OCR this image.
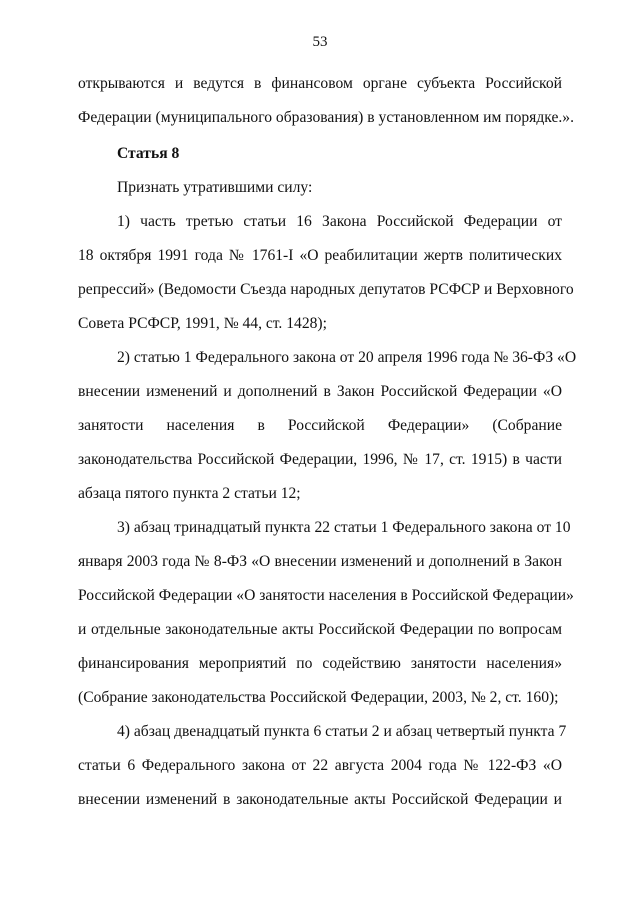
53
открываются и ведутся в финансовом органе субъекта Российской
Федерации (муниципального образования) в установленном им порядке.».
Статья 8
Признать утратившими силу:
1) часть третью статьи 16 Закона Российской Федерации от
18 октября 1991 года № 1761-I «О реабилитации жертв политических
репрессий» (Ведомости Съезда народных депутатов РСФСР и Верховного
Совета РСФСР, 1991, № 44, ст. 1428);
2) статью 1 Федерального закона от 20 апреля 1996 года № 36-ФЗ «О
внесении изменений и дополнений в Закон Российской Федерации «О
занятости населения в Российской Федерации» (Собрание
законодательства Российской Федерации, 1996, № 17, ст. 1915) в части
абзаца пятого пункта 2 статьи 12;
3) абзац тринадцатый пункта 22 статьи 1 Федерального закона от 10
января 2003 года № 8-ФЗ «О внесении изменений и дополнений в Закон
Российской Федерации «О занятости населения в Российской Федерации»
и отдельные законодательные акты Российской Федерации по вопросам
финансирования мероприятий по содействию занятости населения»
(Собрание законодательства Российской Федерации, 2003, № 2, ст. 160);
4) абзац двенадцатый пункта 6 статьи 2 и абзац четвертый пункта 7
статьи 6 Федерального закона от 22 августа 2004 года № 122-ФЗ «О
внесении изменений в законодательные акты Российской Федерации и
